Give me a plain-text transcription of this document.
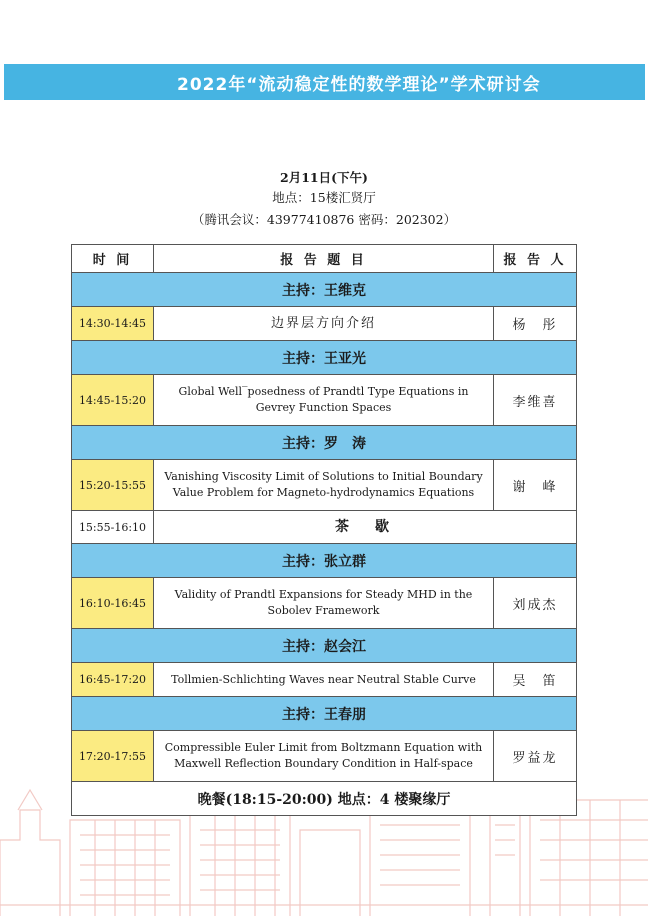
2022年“流动稳定性的数学理论”学术研讨会
2月11日(下午)
地点：15楼汇贤厅
（腾讯会议：43977410876 密码：202302）
时 间	报 告 题 目	报 告 人
主持：王维克		
14:30-14:45	边界层方向介绍	杨　彤
主持：王亚光		
14:45-15:20	Global Well‾posedness of Prandtl Type Equations in Gevrey Function Spaces	李维喜
主持：罗　涛		
15:20-15:55	Vanishing Viscosity Limit of Solutions to Initial Boundary Value Problem for Magneto-hydrodynamics Equations	谢　峰
15:55-16:10	茶　歇	
主持：张立群		
16:10-16:45	Validity of Prandtl Expansions for Steady MHD in the Sobolev Framework	刘成杰
主持：赵会江		
16:45-17:20	Tollmien-Schlichting Waves near Neutral Stable Curve	吴　笛
主持：王春朋		
17:20-17:55	Compressible Euler Limit from Boltzmann Equation with Maxwell Reflection Boundary Condition in Half-space	罗益龙
晚餐(18:15-20:00) 地点：4 楼聚缘厅		
